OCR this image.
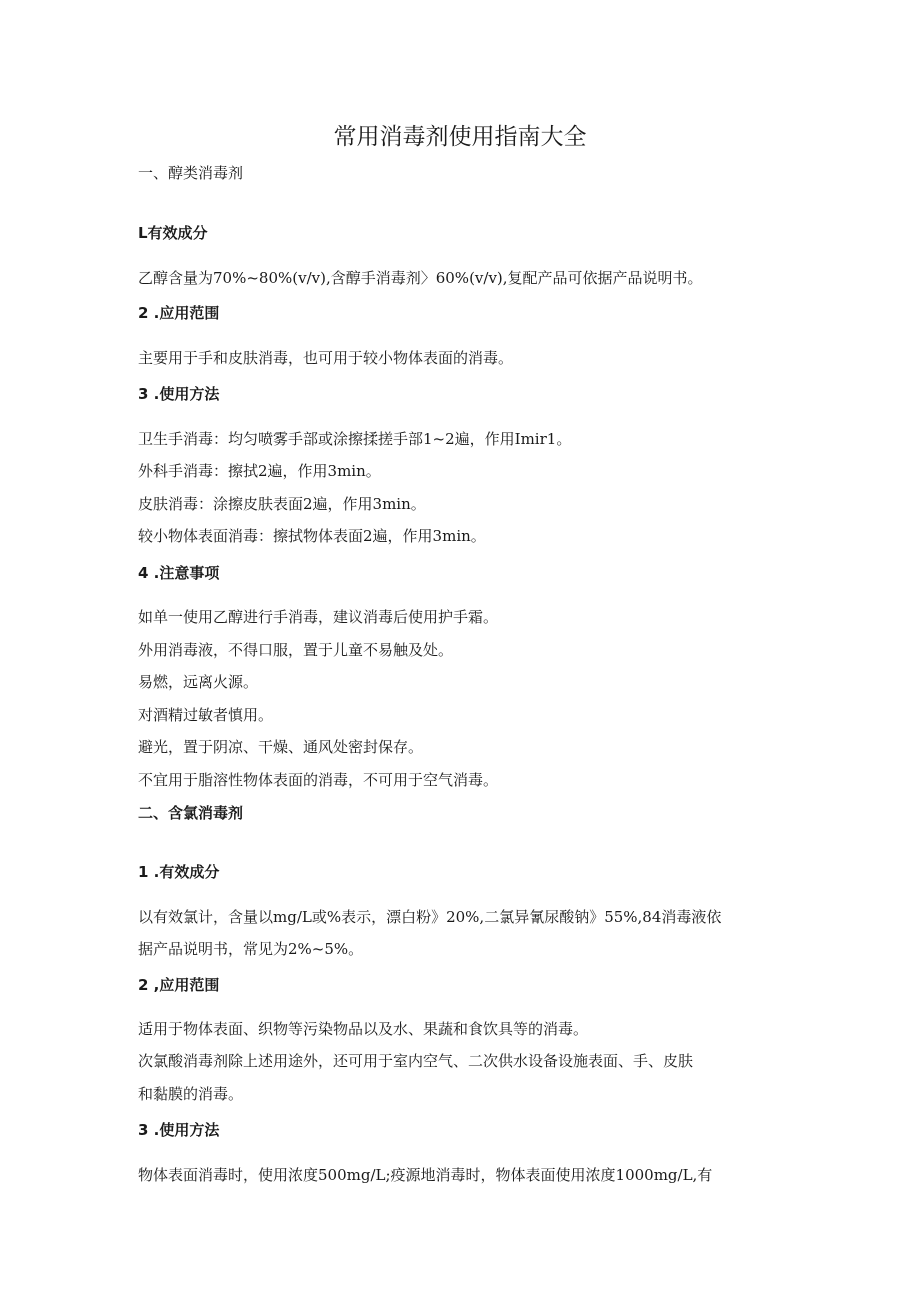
常用消毒剂使用指南大全

一、醇类消毒剂

L有效成分

乙醇含量为70%~80%(v/v),含醇手消毒剂〉60%(v/v),复配产品可依据产品说明书。

2 .应用范围

主要用于手和皮肤消毒，也可用于较小物体表面的消毒。

3 .使用方法

卫生手消毒：均匀喷雾手部或涂擦揉搓手部1~2遍，作用Imir1。

外科手消毒：擦拭2遍，作用3min。

皮肤消毒：涂擦皮肤表面2遍，作用3min。

较小物体表面消毒：擦拭物体表面2遍，作用3min。

4 .注意事项

如单一使用乙醇进行手消毒，建议消毒后使用护手霜。

外用消毒液，不得口服，置于儿童不易触及处。

易燃，远离火源。

对酒精过敏者慎用。

避光，置于阴凉、干燥、通风处密封保存。

不宜用于脂溶性物体表面的消毒，不可用于空气消毒。

二、含氯消毒剂

1 .有效成分

以有效氯计，含量以mg/L或%表示，漂白粉》20%,二氯异氰尿酸钠》55%,84消毒液依

据产品说明书，常见为2%~5%。

2 ,应用范围

适用于物体表面、织物等污染物品以及水、果蔬和食饮具等的消毒。

次氯酸消毒剂除上述用途外，还可用于室内空气、二次供水设备设施表面、手、皮肤

和黏膜的消毒。

3 .使用方法

物体表面消毒时，使用浓度500mg/L;疫源地消毒时，物体表面使用浓度1000mg/L,有
